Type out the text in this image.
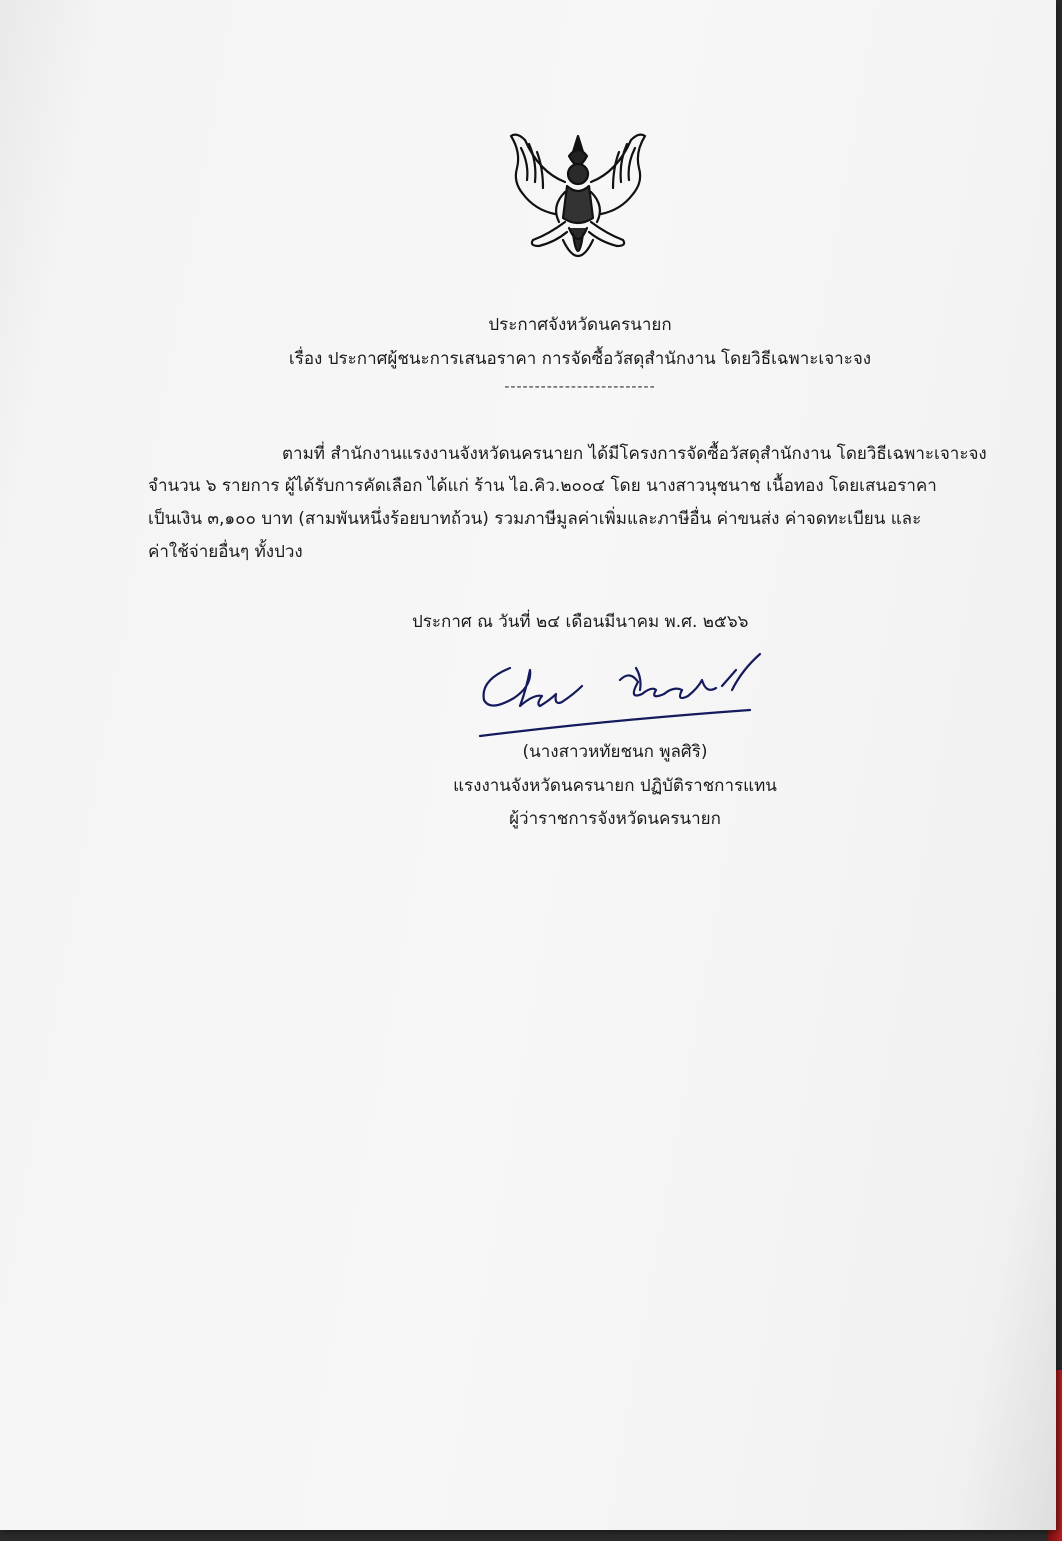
ประกาศจังหวัดนครนายก
เรื่อง ประกาศผู้ชนะการเสนอราคา การจัดซื้อวัสดุสำนักงาน โดยวิธีเฉพาะเจาะจง
-------------------------
ตามที่ สำนักงานแรงงานจังหวัดนครนายก ได้มีโครงการจัดซื้อวัสดุสำนักงาน โดยวิธีเฉพาะเจาะจง
จำนวน ๖ รายการ ผู้ได้รับการคัดเลือก ได้แก่ ร้าน ไอ.คิว.๒๐๐๔ โดย นางสาวนุชนาช เนื้อทอง โดยเสนอราคา
เป็นเงิน ๓,๑๐๐ บาท (สามพันหนึ่งร้อยบาทถ้วน) รวมภาษีมูลค่าเพิ่มและภาษีอื่น ค่าขนส่ง ค่าจดทะเบียน และ
ค่าใช้จ่ายอื่นๆ ทั้งปวง
ประกาศ ณ วันที่ ๒๔ เดือนมีนาคม พ.ศ. ๒๕๖๖
(นางสาวหทัยชนก พูลศิริ)
แรงงานจังหวัดนครนายก ปฏิบัติราชการแทน
ผู้ว่าราชการจังหวัดนครนายก
